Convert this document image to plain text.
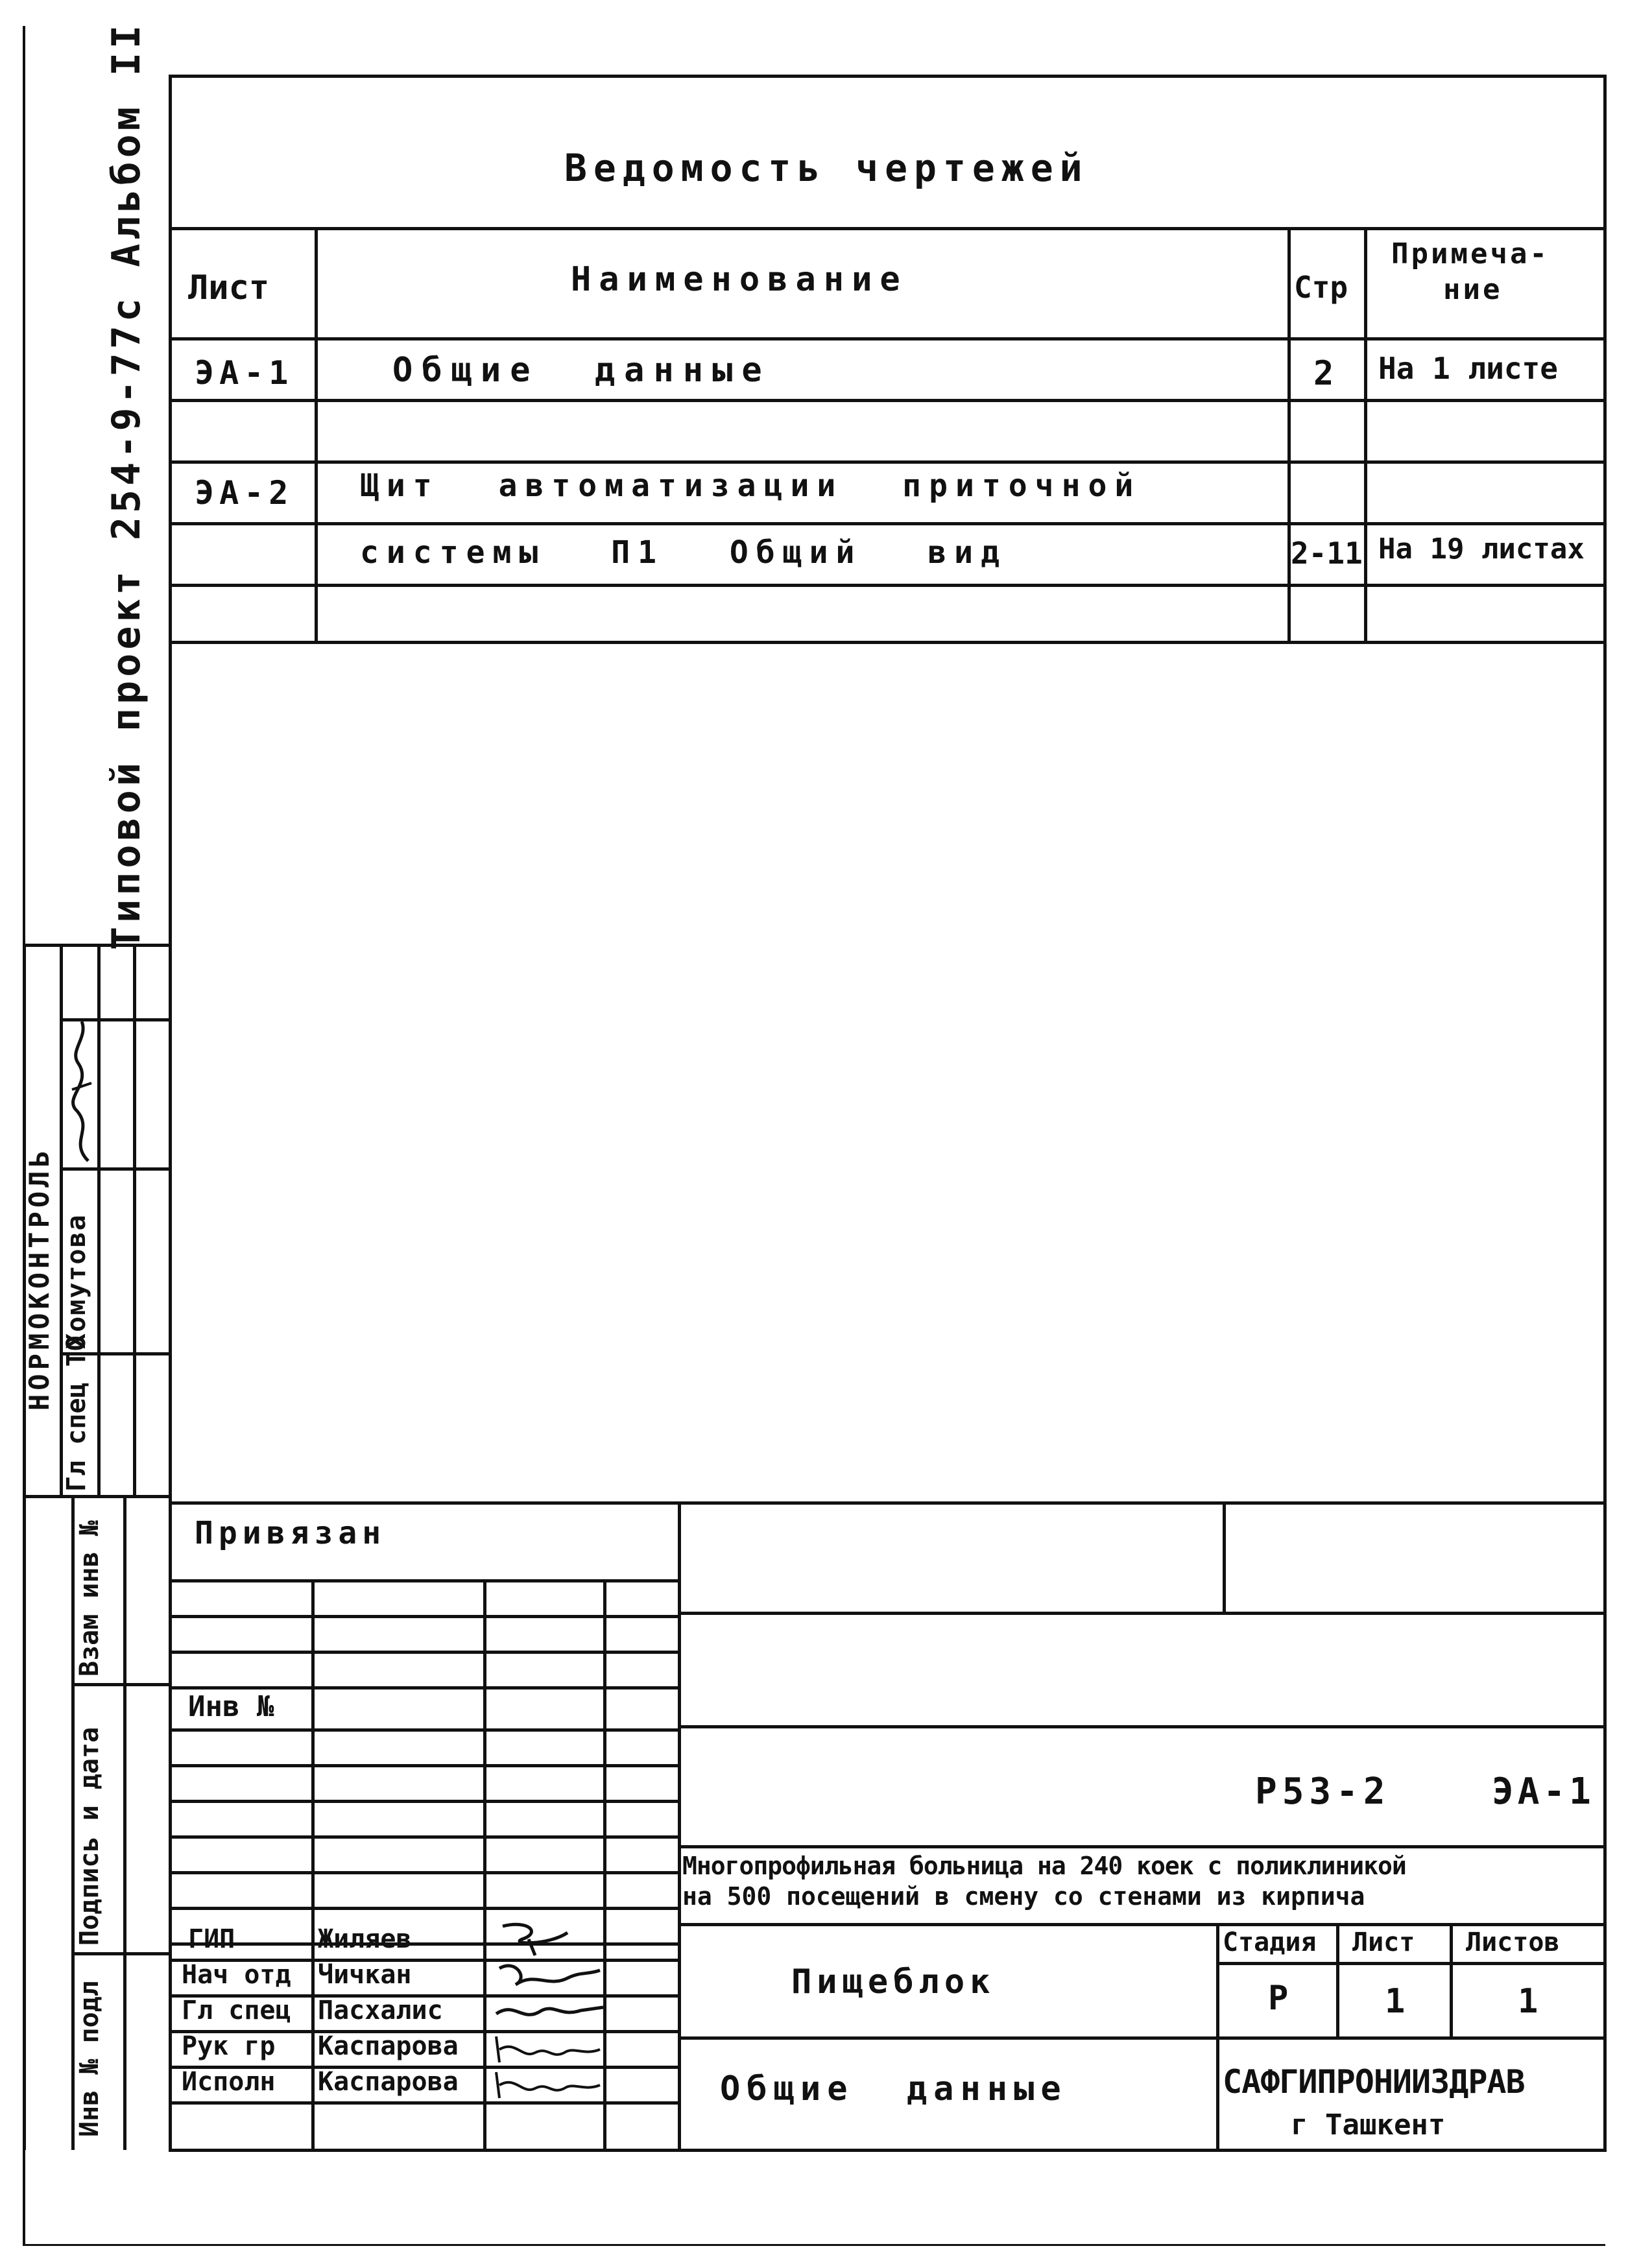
Ведомость чертежей
Лист	Наименование	Стр
Примеча-
ние
ЭА-1	Общие данные	2 На 1 листе
ЭА-2 Щит автоматизации приточной
системы П1 Общий вид	2-11 На 19 листах
Типовой проект 254-9-77с Альбом II
НОРМОКОНТРОЛЬ
Гл спец ТО
Хомутова
Взам инв №
Подпись и дата
Инв № подл
Привязан
Инв №
ГИП	Жиляев
Нач отд Чичкан
Гл спец Пасхалис
Рук гр Каспарова
Исполн Каспарова
Р53-2	ЭА-1
Многопрофильная больница на 240 коек с поликлиникой
на 500 посещений в смену со стенами из кирпича
Пищеблок
Общие данные
Стадия Лист Листов
Р	1	1
САФГИПРОНИИЗДРАВ
г Ташкент
